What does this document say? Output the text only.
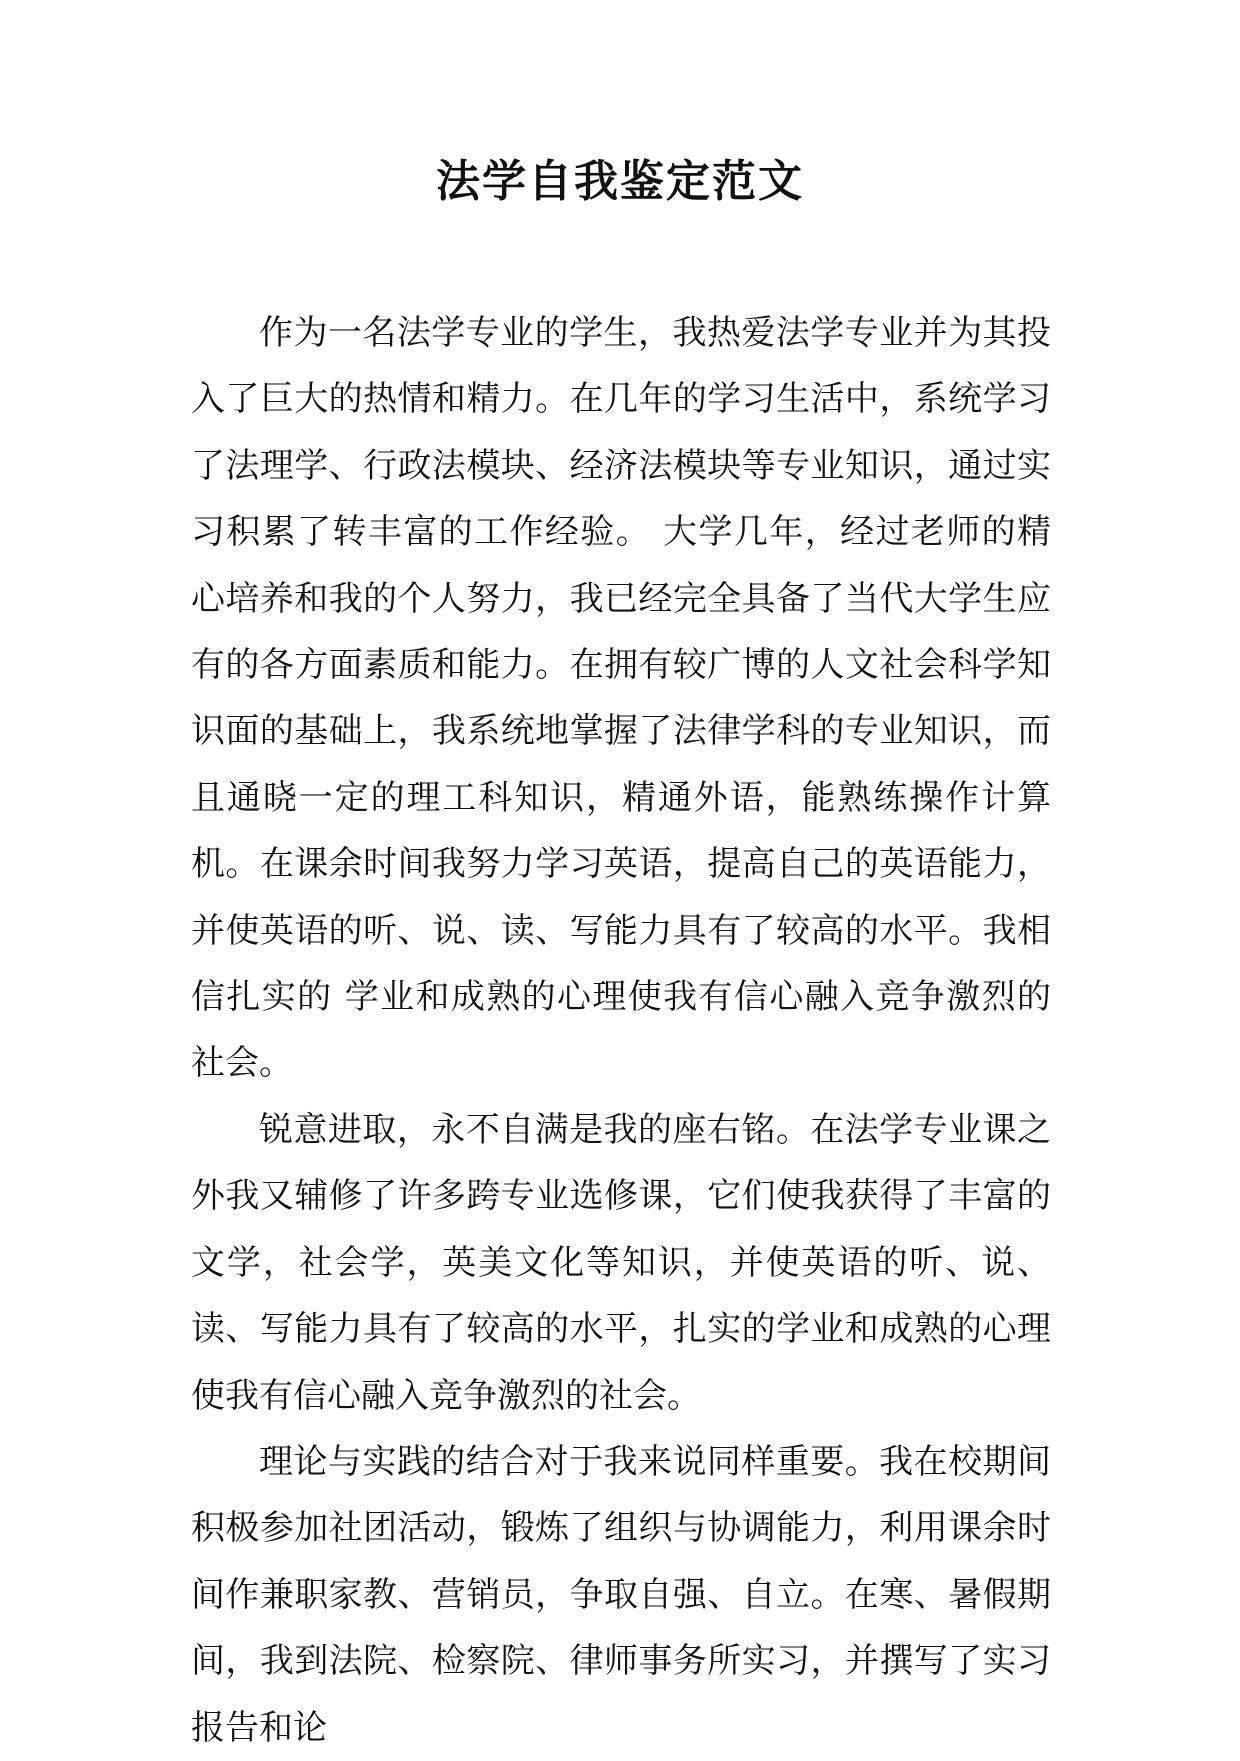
法学自我鉴定范文

作为一名法学专业的学生，我热爱法学专业并为其投入了巨大的热情和精力。在几年的学习生活中，系统学习了法理学、行政法模块、经济法模块等专业知识，通过实习积累了转丰富的工作经验。 大学几年，经过老师的精心培养和我的个人努力，我已经完全具备了当代大学生应有的各方面素质和能力。在拥有较广博的人文社会科学知识面的基础上，我系统地掌握了法律学科的专业知识，而且通晓一定的理工科知识，精通外语，能熟练操作计算机。在课余时间我努力学习英语，提高自己的英语能力，并使英语的听、说、读、写能力具有了较高的水平。我相信扎实的 学业和成熟的心理使我有信心融入竞争激烈的社会。

锐意进取，永不自满是我的座右铭。在法学专业课之外我又辅修了许多跨专业选修课，它们使我获得了丰富的文学，社会学，英美文化等知识，并使英语的听、说、读、写能力具有了较高的水平，扎实的学业和成熟的心理使我有信心融入竞争激烈的社会。

理论与实践的结合对于我来说同样重要。我在校期间积极参加社团活动，锻炼了组织与协调能力，利用课余时间作兼职家教、营销员，争取自强、自立。在寒、暑假期间，我到法院、检察院、律师事务所实习，并撰写了实习报告和论
